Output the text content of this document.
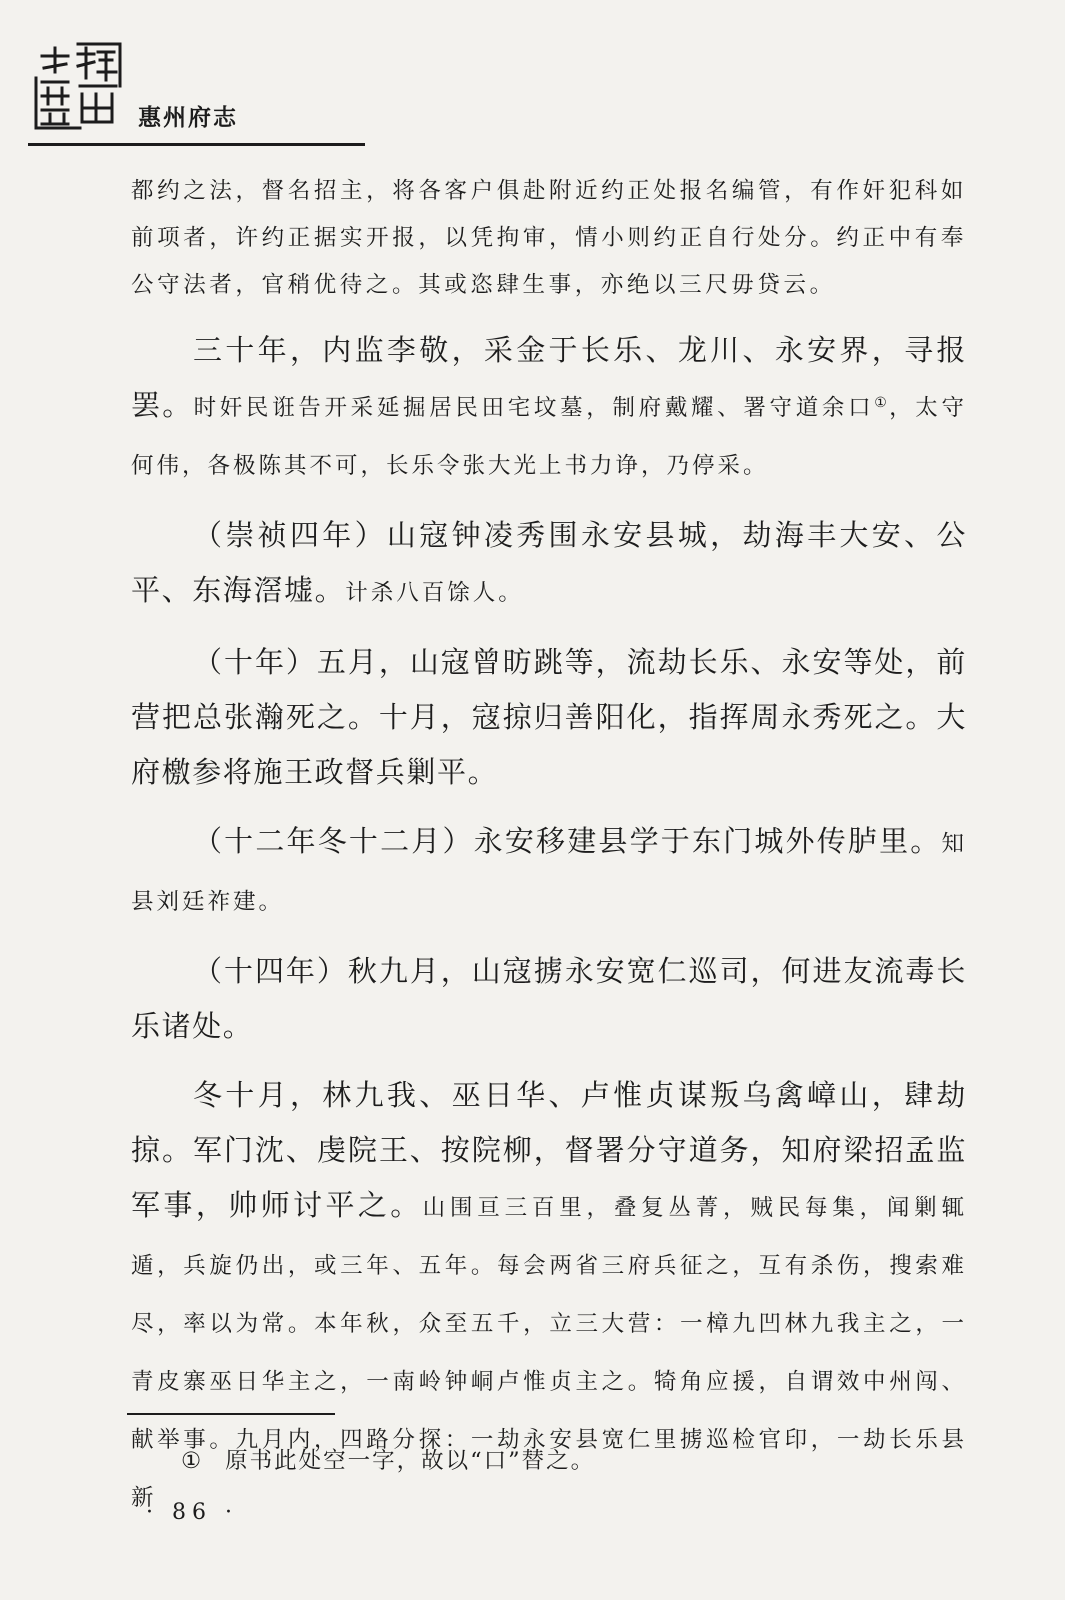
惠州府志

都约之法，督名招主，将各客户俱赴附近约正处报名编管，有作奸犯科如前项者，许约正据实开报，以凭拘审，情小则约正自行处分。约正中有奉公守法者，官稍优待之。其或恣肆生事，亦绝以三尺毋贷云。

三十年，内监李敬，采金于长乐、龙川、永安界，寻报罢。时奸民诳告开采延掘居民田宅坟墓，制府戴耀、署守道余口①，太守何伟，各极陈其不可，长乐令张大光上书力诤，乃停采。

（崇祯四年）山寇钟凌秀围永安县城，劫海丰大安、公平、东海滘墟。计杀八百馀人。

（十年）五月，山寇曾昉跳等，流劫长乐、永安等处，前营把总张瀚死之。十月，寇掠归善阳化，指挥周永秀死之。大府檄参将施王政督兵剿平。

（十二年冬十二月）永安移建县学于东门城外传胪里。知县刘廷祚建。

（十四年）秋九月，山寇掳永安宽仁巡司，何进友流毒长乐诸处。

冬十月，林九我、巫日华、卢惟贞谋叛乌禽嶂山，肆劫掠。军门沈、虔院王、按院柳，督署分守道务，知府梁招孟监军事，帅师讨平之。山围亘三百里，叠复丛菁，贼民每集，闻剿辄遁，兵旋仍出，或三年、五年。每会两省三府兵征之，互有杀伤，搜索难尽，率以为常。本年秋，众至五千，立三大营：一樟九凹林九我主之，一青皮寨巫日华主之，一南岭钟峒卢惟贞主之。犄角应援，自谓效中州闯、献举事。九月内，四路分探：一劫永安县宽仁里掳巡检官印，一劫长乐县新

① 原书此处空一字，故以“口”替之。

· 86 ·
